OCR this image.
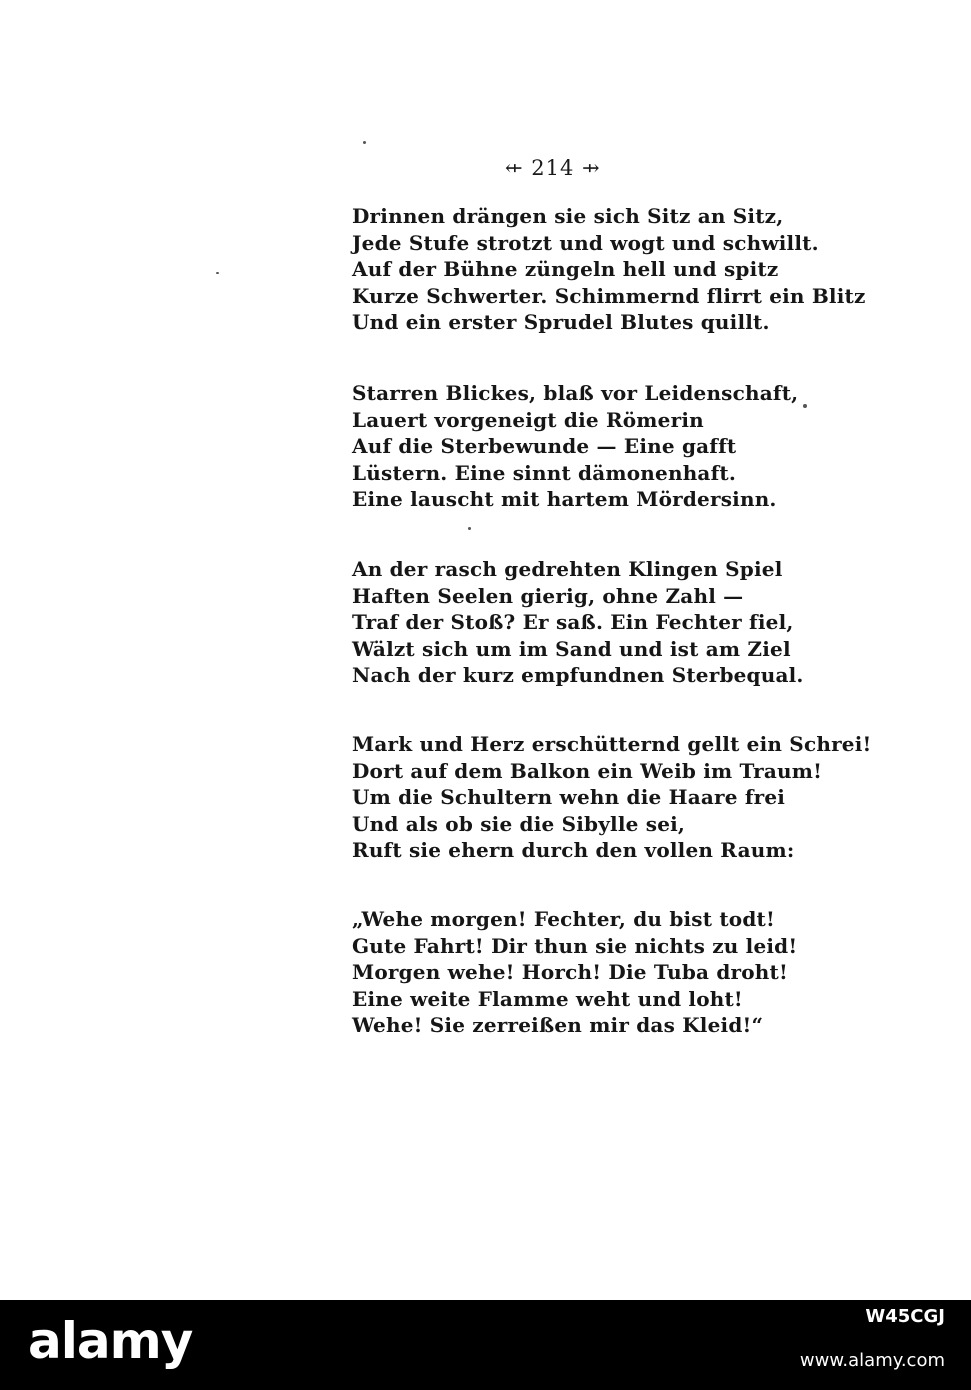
⇷ 214 ⇸
Drinnen drängen sie sich Sitz an Sitz,
Jede Stufe strotzt und wogt und schwillt.
Auf der Bühne züngeln hell und spitz
Kurze Schwerter. Schimmernd flirrt ein Blitz
Und ein erster Sprudel Blutes quillt.
Starren Blickes, blaß vor Leidenschaft,
Lauert vorgeneigt die Römerin
Auf die Sterbewunde — Eine gafft
Lüstern. Eine sinnt dämonenhaft.
Eine lauscht mit hartem Mördersinn.
An der rasch gedrehten Klingen Spiel
Haften Seelen gierig, ohne Zahl —
Traf der Stoß? Er saß. Ein Fechter fiel,
Wälzt sich um im Sand und ist am Ziel
Nach der kurz empfundnen Sterbequal.
Mark und Herz erschütternd gellt ein Schrei!
Dort auf dem Balkon ein Weib im Traum!
Um die Schultern wehn die Haare frei
Und als ob sie die Sibylle sei,
Ruft sie ehern durch den vollen Raum:
„Wehe morgen! Fechter, du bist todt!
Gute Fahrt! Dir thun sie nichts zu leid!
Morgen wehe! Horch! Die Tuba droht!
Eine weite Flamme weht und loht!
Wehe! Sie zerreißen mir das Kleid!“
alamy	W45CGJ
www.alamy.com
